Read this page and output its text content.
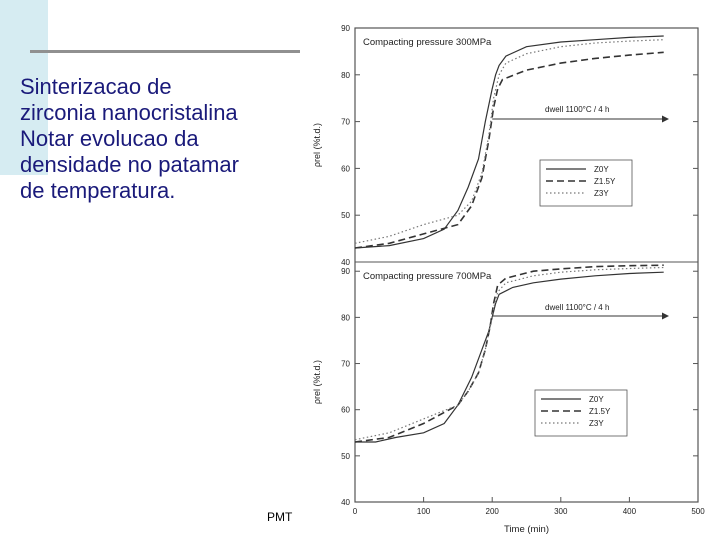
Sinterizacao de
zirconia nanocristalina
Notar evolucao da
densidade no patamar
de temperatura.
PMT
Compacting pressure 300MPa
40
50
60
70
80
90
ρrel (%t.d.)
dwell 1100°C / 4 h
Z0Y
Z1.5Y
Z3Y
Compacting pressure 700MPa
40
50
60
70
80
90
ρrel (%t.d.)
0	100	200	300	400	500
Time (min)
dwell 1100°C / 4 h
Z0Y
Z1.5Y
Z3Y
